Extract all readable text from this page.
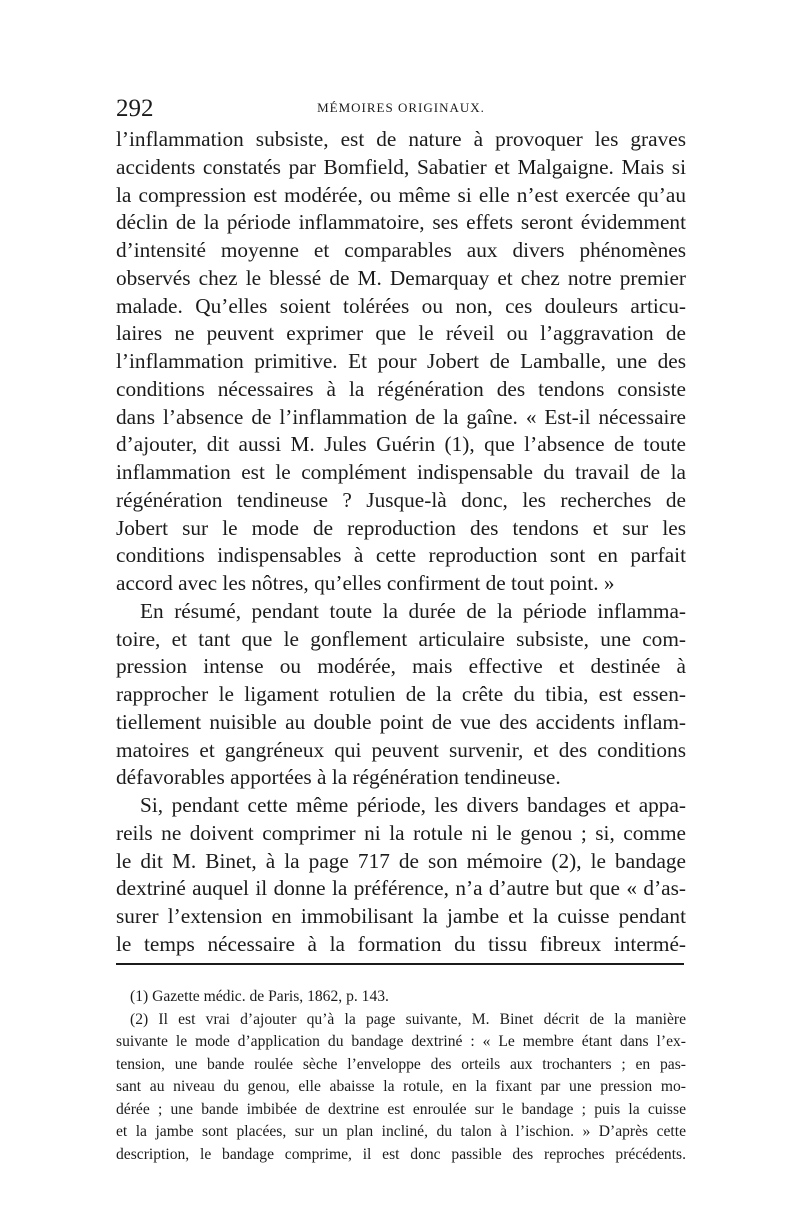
292	MÉMOIRES ORIGINAUX.
l’inflammation subsiste, est de nature à provoquer les graves
accidents constatés par Bomfield, Sabatier et Malgaigne. Mais si
la compression est modérée, ou même si elle n’est exercée qu’au
déclin de la période inflammatoire, ses effets seront évidemment
d’intensité moyenne et comparables aux divers phénomènes
observés chez le blessé de M. Demarquay et chez notre premier
malade. Qu’elles soient tolérées ou non, ces douleurs articu-
laires ne peuvent exprimer que le réveil ou l’aggravation de
l’inflammation primitive. Et pour Jobert de Lamballe, une des
conditions nécessaires à la régénération des tendons consiste
dans l’absence de l’inflammation de la gaîne. « Est-il nécessaire
d’ajouter, dit aussi M. Jules Guérin (1), que l’absence de toute
inflammation est le complément indispensable du travail de la
régénération tendineuse ? Jusque-là donc, les recherches de
Jobert sur le mode de reproduction des tendons et sur les
conditions indispensables à cette reproduction sont en parfait
accord avec les nôtres, qu’elles confirment de tout point. »
En résumé, pendant toute la durée de la période inflamma-
toire, et tant que le gonflement articulaire subsiste, une com-
pression intense ou modérée, mais effective et destinée à
rapprocher le ligament rotulien de la crête du tibia, est essen-
tiellement nuisible au double point de vue des accidents inflam-
matoires et gangréneux qui peuvent survenir, et des conditions
défavorables apportées à la régénération tendineuse.
Si, pendant cette même période, les divers bandages et appa-
reils ne doivent comprimer ni la rotule ni le genou ; si, comme
le dit M. Binet, à la page 717 de son mémoire (2), le bandage
dextriné auquel il donne la préférence, n’a d’autre but que « d’as-
surer l’extension en immobilisant la jambe et la cuisse pendant
le temps nécessaire à la formation du tissu fibreux intermé-
(1) Gazette médic. de Paris, 1862, p. 143.
(2) Il est vrai d’ajouter qu’à la page suivante, M. Binet décrit de la manière
suivante le mode d’application du bandage dextriné : « Le membre étant dans l’ex-
tension, une bande roulée sèche l’enveloppe des orteils aux trochanters ; en pas-
sant au niveau du genou, elle abaisse la rotule, en la fixant par une pression mo-
dérée ; une bande imbibée de dextrine est enroulée sur le bandage ; puis la cuisse
et la jambe sont placées, sur un plan incliné, du talon à l’ischion. » D’après cette
description, le bandage comprime, il est donc passible des reproches précédents.
